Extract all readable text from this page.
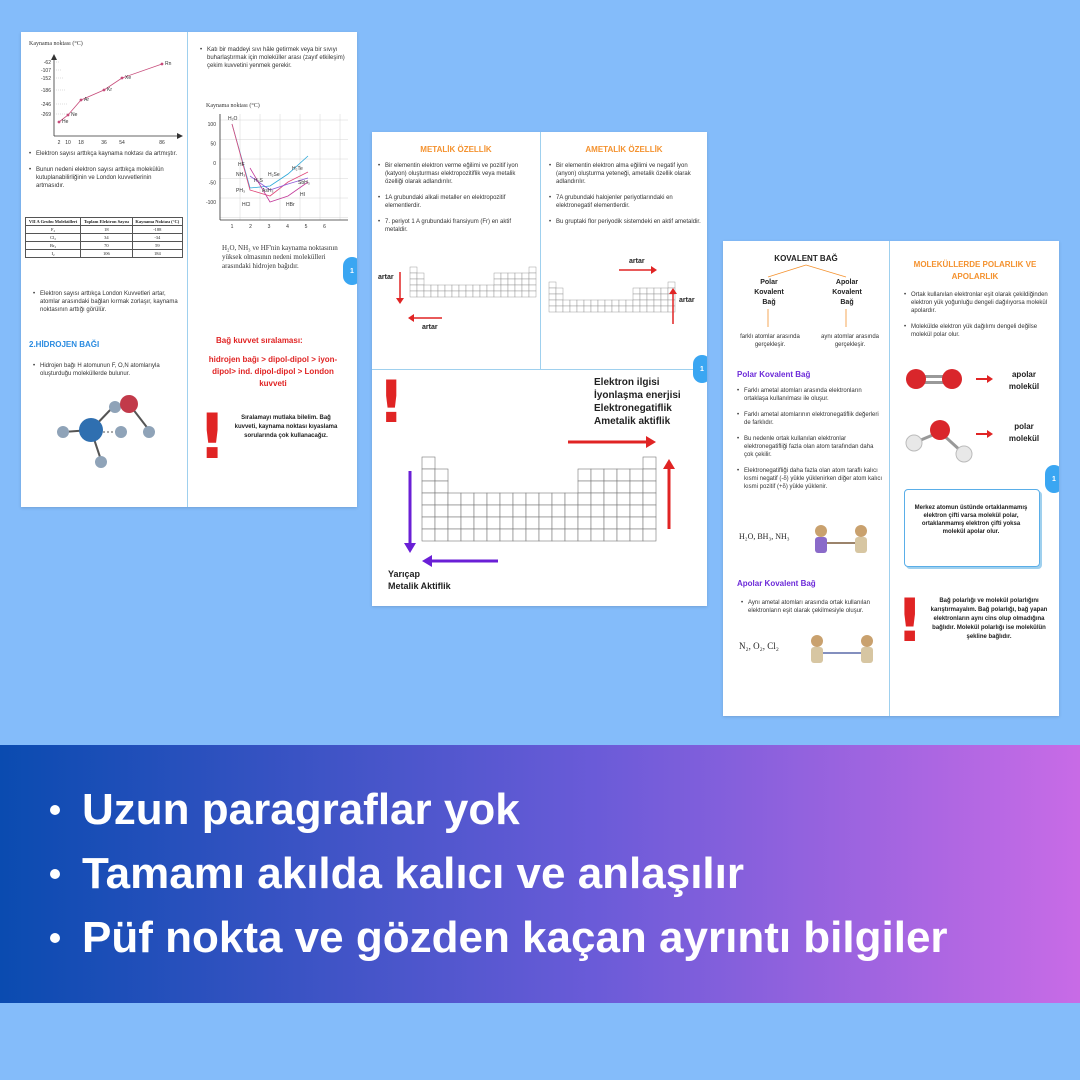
Kaynama noktası (°C)
-62
-107
-152
-186
-246
-269
2 10 18	36 54	86
He
Ne
Ar
Kr
Xe
Rn
• Elektron sayısı arttıkça kaynama noktası da artmıştır.
• Bunun nedeni elektron sayısı arttıkça molekülün kutuplanabilirliğinin ve London kuvvetlerinin artmasıdır.
VII A Grubu Molekülleri	Toplam Elektron Sayısı	Kaynama Noktası (°C)
F₂	18	-188
Cl₂	34	-34
Br₂	70	59
I₂	106	184
• Elektron sayısı arttıkça London Kuvvetleri artar, atomlar arasındaki bağları kırmak zorlaşır, kaynama noktasının arttığı görülür.
2.HİDROJEN BAĞI
• Hidrojen bağı H atomunun F, O,N atomlarıyla oluşturduğu moleküllerde bulunur.
• Katı bir maddeyi sıvı hâle getirmek veya bir sıvıyı buharlaştırmak için moleküller arası (zayıf etkileşim) çekim kuvvetini yenmek gerekir.
Kaynama noktası (°C)
100
50
0
-50
-100
1	2	3	4	5	6
H₂O
HF
NH₃
H₂S
H₂Se
H₂Te
SbH₃
AsH₃
HI
PH₃
HCl	HBr
H₂O, NH₃ ve HF'nin kaynama noktasının yüksek olmasının nedeni molekülleri arasındaki hidrojen bağıdır.
Bağ kuvvet sıralaması:
hidrojen bağı > dipol-dipol > iyon-dipol> ind. dipol-dipol > London kuvveti
!	Sıralamayı mutlaka bilelim. Bağ kuvveti, kaynama noktası kıyaslama sorularında çok kullanacağız.
1
METALİK ÖZELLİK
• Bir elementin elektron verme eğilimi ve pozitif iyon (katyon) oluşturması elektropozitiflik veya metalik özelliği olarak adlandırılır.
• 1A grubundaki alkali metaller en elektropozitif elementlerdir.
• 7. periyot 1 A grubundaki fransiyum (Fr) en aktif metaldir.
artar
artar
AMETALİK ÖZELLİK
• Bir elementin elektron alma eğilimi ve negatif iyon (anyon) oluşturma yeteneği, ametalik özellik olarak adlandırılır.
• 7A grubundaki halojenler periyotlarındaki en elektronegatif elementlerdir.
• Bu gruptaki flor periyodik sistemdeki en aktif ametaldir.
artar
artar
!	Elektron ilgisi
İyonlaşma enerjisi
Elektronegatiflik
Ametalik aktiflik
Yarıçap
Metalik Aktiflik
1
KOVALENT BAĞ
Polar Kovalent Bağ
Apolar Kovalent Bağ
farklı atomlar arasında gerçekleşir.
aynı atomlar arasında gerçekleşir.
Polar Kovalent Bağ
• Farklı ametal atomları arasında elektronların ortaklaşa kullanılması ile oluşur.
• Farklı ametal atomlarının elektronegatiflik değerleri de farklıdır.
• Bu nedenle ortak kullanılan elektronlar elektronegatifliği fazla olan atom tarafından daha çok çekilir.
• Elektronegatifliği daha fazla olan atom taraflı kalıcı kısmi negatif (-δ) yükle yüklenirken diğer atom kalıcı kısmi pozitif (+δ) yükle yüklenir.
H₂O, BH₃, NH₃
Apolar Kovalent Bağ
• Aynı ametal atomları arasında ortak kullanılan elektronların eşit olarak çekilmesiyle oluşur.
N₂, O₂, Cl₂
MOLEKÜLLERDE POLARLIK VE APOLARLIK
• Ortak kullanılan elektronlar eşit olarak çekildiğinden elektron yük yoğunluğu dengeli dağılıyorsa molekül apolardır.
• Molekülde elektron yük dağılımı dengeli değilse molekül polar olur.
apolar molekül
polar molekül
Merkez atomun üstünde ortaklanmamış elektron çifti varsa molekül polar, ortaklanmamış elektron çifti yoksa molekül apolar olur.
!	Bağ polarlığı ve molekül polarlığını karıştırmayalım. Bağ polarlığı, bağ yapan elektronların aynı cins olup olmadığına bağlıdır. Molekül polarlığı ise molekülün şekline bağlıdır.
1
Uzun paragraflar yok
Tamamı akılda kalıcı ve anlaşılır
Püf nokta ve gözden kaçan ayrıntı bilgiler
